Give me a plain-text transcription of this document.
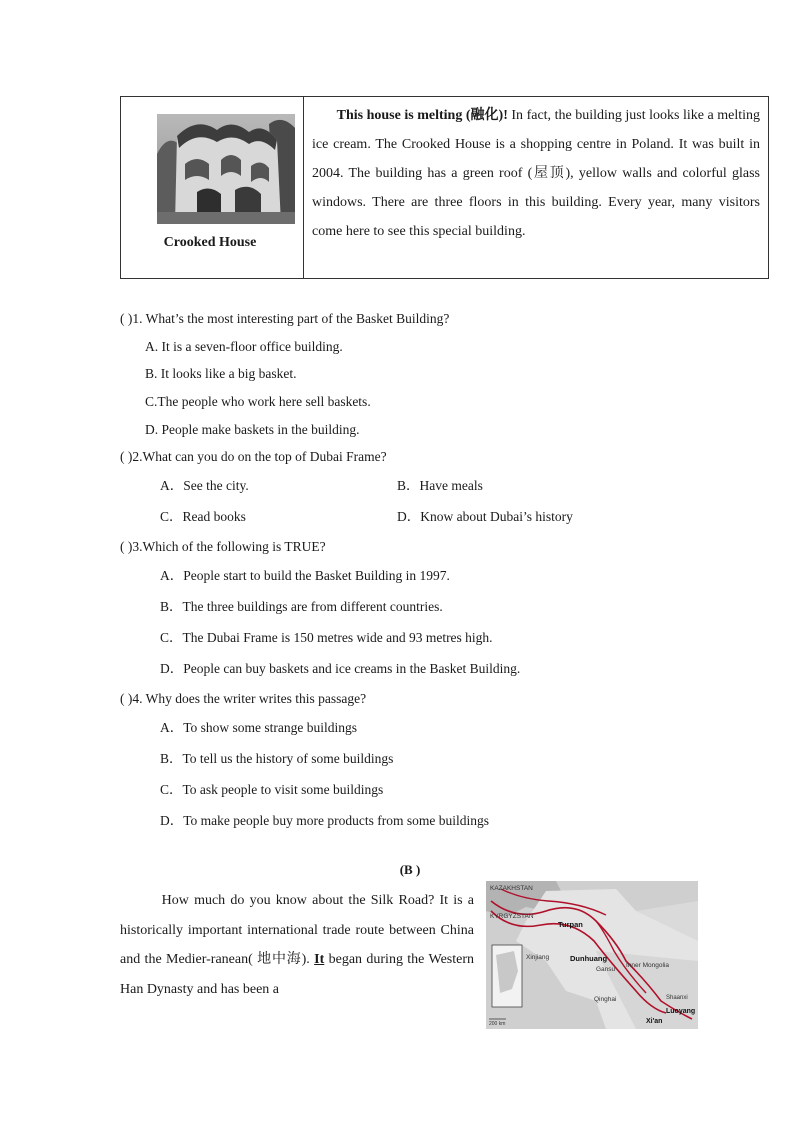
Crooked House
This house is melting (融化)! In fact, the building just looks like a melting ice cream. The Crooked House is a shopping centre in Poland. It was built in 2004. The building has a green roof (屋顶), yellow walls and colorful glass windows. There are three floors in this building. Every year, many visitors come here to see this special building.
( )1. What’s the most interesting part of the Basket Building?
A. It is a seven-floor office building.
B. It looks like a big basket.
C.The people who work here sell baskets.
D. People make baskets in the building.
( )2.What can you do on the top of Dubai Frame?
A．See the city.	B．Have meals
C．Read books	D．Know about Dubai’s history
( )3.Which of the following is TRUE?
A．People start to build the Basket Building in 1997.
B．The three buildings are from different countries.
C．The Dubai Frame is 150 metres wide and 93 metres high.
D．People can buy baskets and ice creams in the Basket Building.
( )4. Why does the writer writes this passage?
A．To show some strange buildings
B．To tell us the history of some buildings
C．To ask people to visit some buildings
D．To make people buy more products from some buildings
(B )
How much do you know about the Silk Road? It is a historically important international trade route between China and the Medier-ranean( 地中海). It began during the Western Han Dynasty and has been a
KAZAKHSTAN
KYRGYZSTAN
Turpan
Xinjiang	Dunhuang
Gansu
Inner Mongolia
Qinghai	Shaanxi
Luoyang
Xi'an
200 km
